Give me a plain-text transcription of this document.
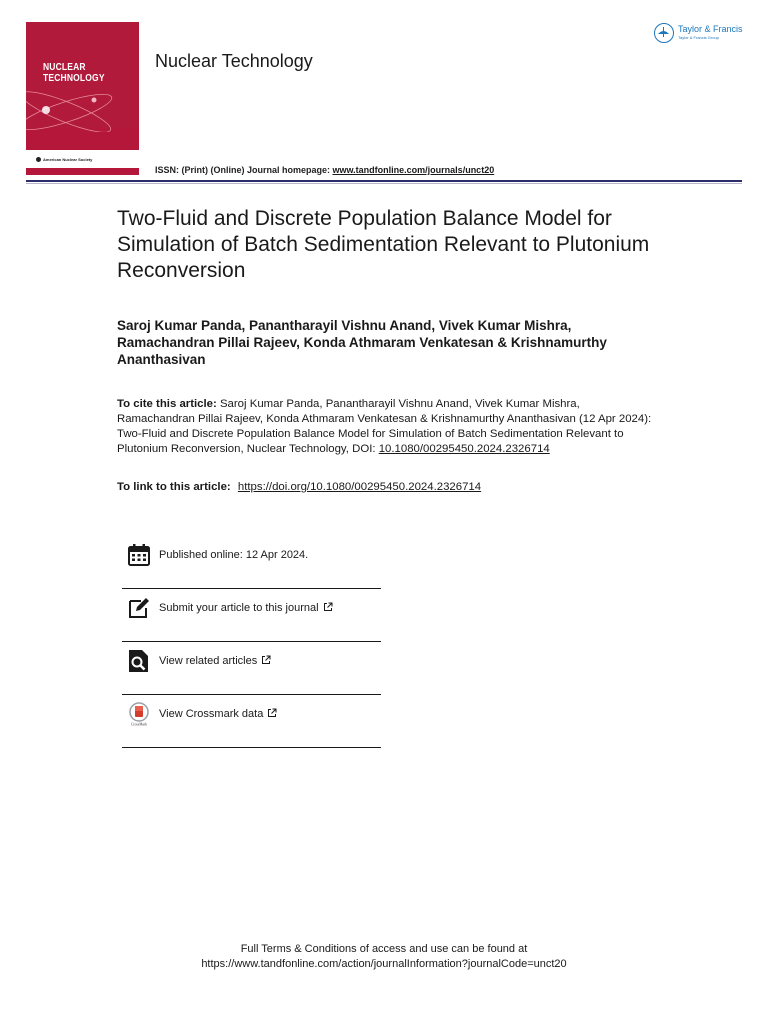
NUCLEAR
TECHNOLOGY
American Nuclear Society
Nuclear Technology
Taylor & Francis
Taylor & Francis Group
ISSN: (Print) (Online) Journal homepage: www.tandfonline.com/journals/unct20
Two-Fluid and Discrete Population Balance Model for Simulation of Batch Sedimentation Relevant to Plutonium Reconversion
Saroj Kumar Panda, Panantharayil Vishnu Anand, Vivek Kumar Mishra, Ramachandran Pillai Rajeev, Konda Athmaram Venkatesan & Krishnamurthy Ananthasivan
To cite this article: Saroj Kumar Panda, Panantharayil Vishnu Anand, Vivek Kumar Mishra, Ramachandran Pillai Rajeev, Konda Athmaram Venkatesan & Krishnamurthy Ananthasivan (12 Apr 2024): Two-Fluid and Discrete Population Balance Model for Simulation of Batch Sedimentation Relevant to Plutonium Reconversion, Nuclear Technology, DOI: 10.1080/00295450.2024.2326714
To link to this article: https://doi.org/10.1080/00295450.2024.2326714
Published online: 12 Apr 2024.
Submit your article to this journal
View related articles
CrossMark
View Crossmark data
Full Terms & Conditions of access and use can be found at
https://www.tandfonline.com/action/journalInformation?journalCode=unct20
